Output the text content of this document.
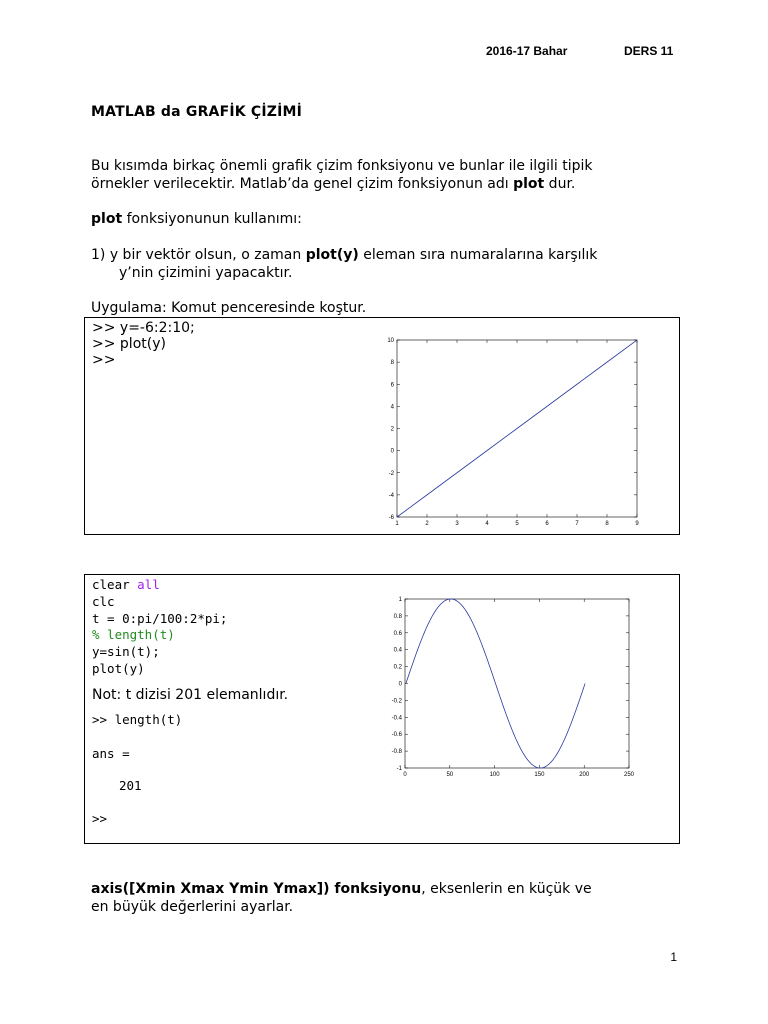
2016-17 Bahar	DERS 11
MATLAB da GRAFİK ÇİZİMİ
Bu kısımda birkaç önemli grafik çizim fonksiyonu ve bunlar ile ilgili tipik
örnekler verilecektir. Matlab’da genel çizim fonksiyonun adı plot dur.
plot fonksiyonunun kullanımı:
1) y bir vektör olsun, o zaman plot(y) eleman sıra numaralarına karşılık
y’nin çizimini yapacaktır.
Uygulama: Komut penceresinde koştur.
>> y=-6:2:10;
>> plot(y)
>>
1	2	3	4	5	6	7	8	9
-6
-4
-2
0
2
4
6
8
10
clear all
clc
t = 0:pi/100:2*pi;
% length(t)
y=sin(t);
plot(y)
Not: t dizisi 201 elemanlıdır.
>> length(t)
ans =
201
>>
0	50	100	150	200	250
-1
-0.8
-0.6
-0.4
-0.2
0
0.2
0.4
0.6
0.8
1
axis([Xmin Xmax Ymin Ymax]) fonksiyonu, eksenlerin en küçük ve
en büyük değerlerini ayarlar.
1
